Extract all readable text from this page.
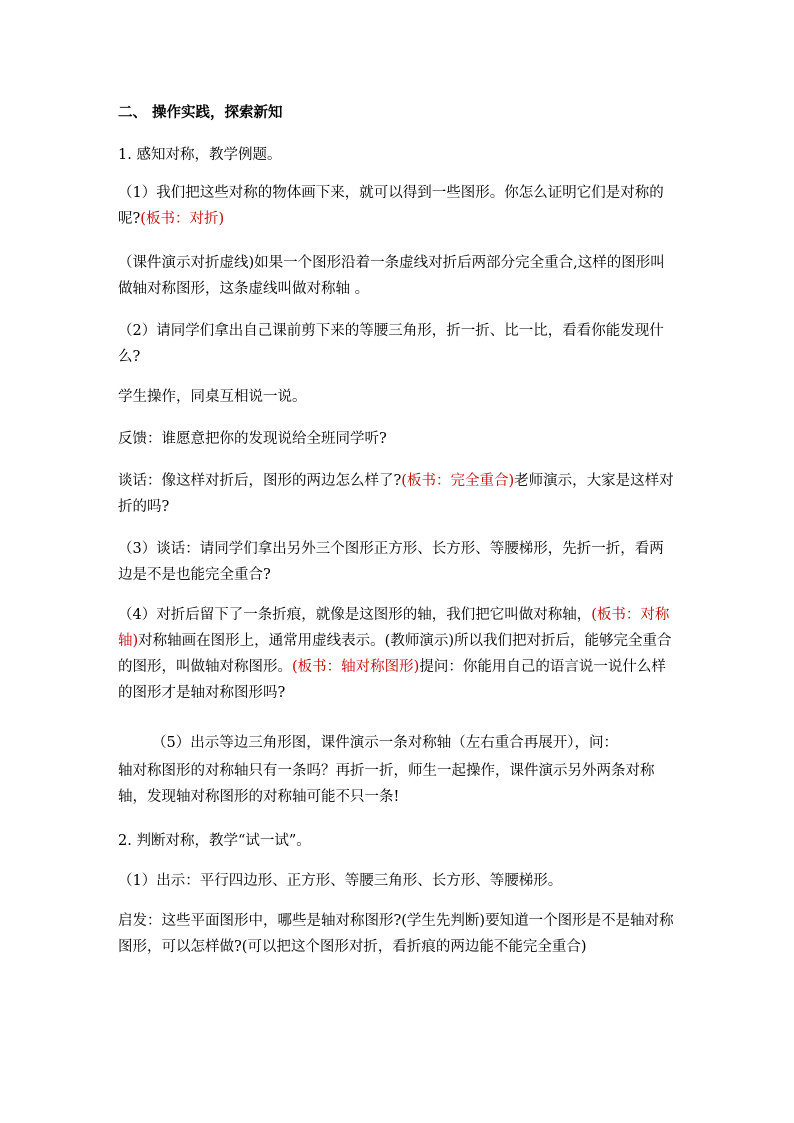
二、 操作实践，探索新知

1. 感知对称，教学例题。

（1）我们把这些对称的物体画下来，就可以得到一些图形。你怎么证明它们是对称的呢?(板书：对折)

（课件演示对折虚线)如果一个图形沿着一条虚线对折后两部分完全重合,这样的图形叫做轴对称图形，这条虚线叫做对称轴 。

（2）请同学们拿出自己课前剪下来的等腰三角形，折一折、比一比，看看你能发现什么?

学生操作，同桌互相说一说。

反馈：谁愿意把你的发现说给全班同学听?

谈话：像这样对折后，图形的两边怎么样了?(板书：完全重合)老师演示，大家是这样对折的吗?

（3）谈话：请同学们拿出另外三个图形正方形、长方形、等腰梯形，先折一折，看两边是不是也能完全重合?

（4）对折后留下了一条折痕，就像是这图形的轴，我们把它叫做对称轴，(板书：对称轴)对称轴画在图形上，通常用虚线表示。(教师演示)所以我们把对折后，能够完全重合的图形，叫做轴对称图形。(板书：轴对称图形)提问：你能用自己的语言说一说什么样的图形才是轴对称图形吗?

（5）出示等边三角形图，课件演示一条对称轴（左右重合再展开），问：

轴对称图形的对称轴只有一条吗？再折一折，师生一起操作，课件演示另外两条对称轴，发现轴对称图形的对称轴可能不只一条!

2. 判断对称，教学“试一试”。

（1）出示：平行四边形、正方形、等腰三角形、长方形、等腰梯形。

启发：这些平面图形中，哪些是轴对称图形?(学生先判断)要知道一个图形是不是轴对称图形，可以怎样做?(可以把这个图形对折，看折痕的两边能不能完全重合)
